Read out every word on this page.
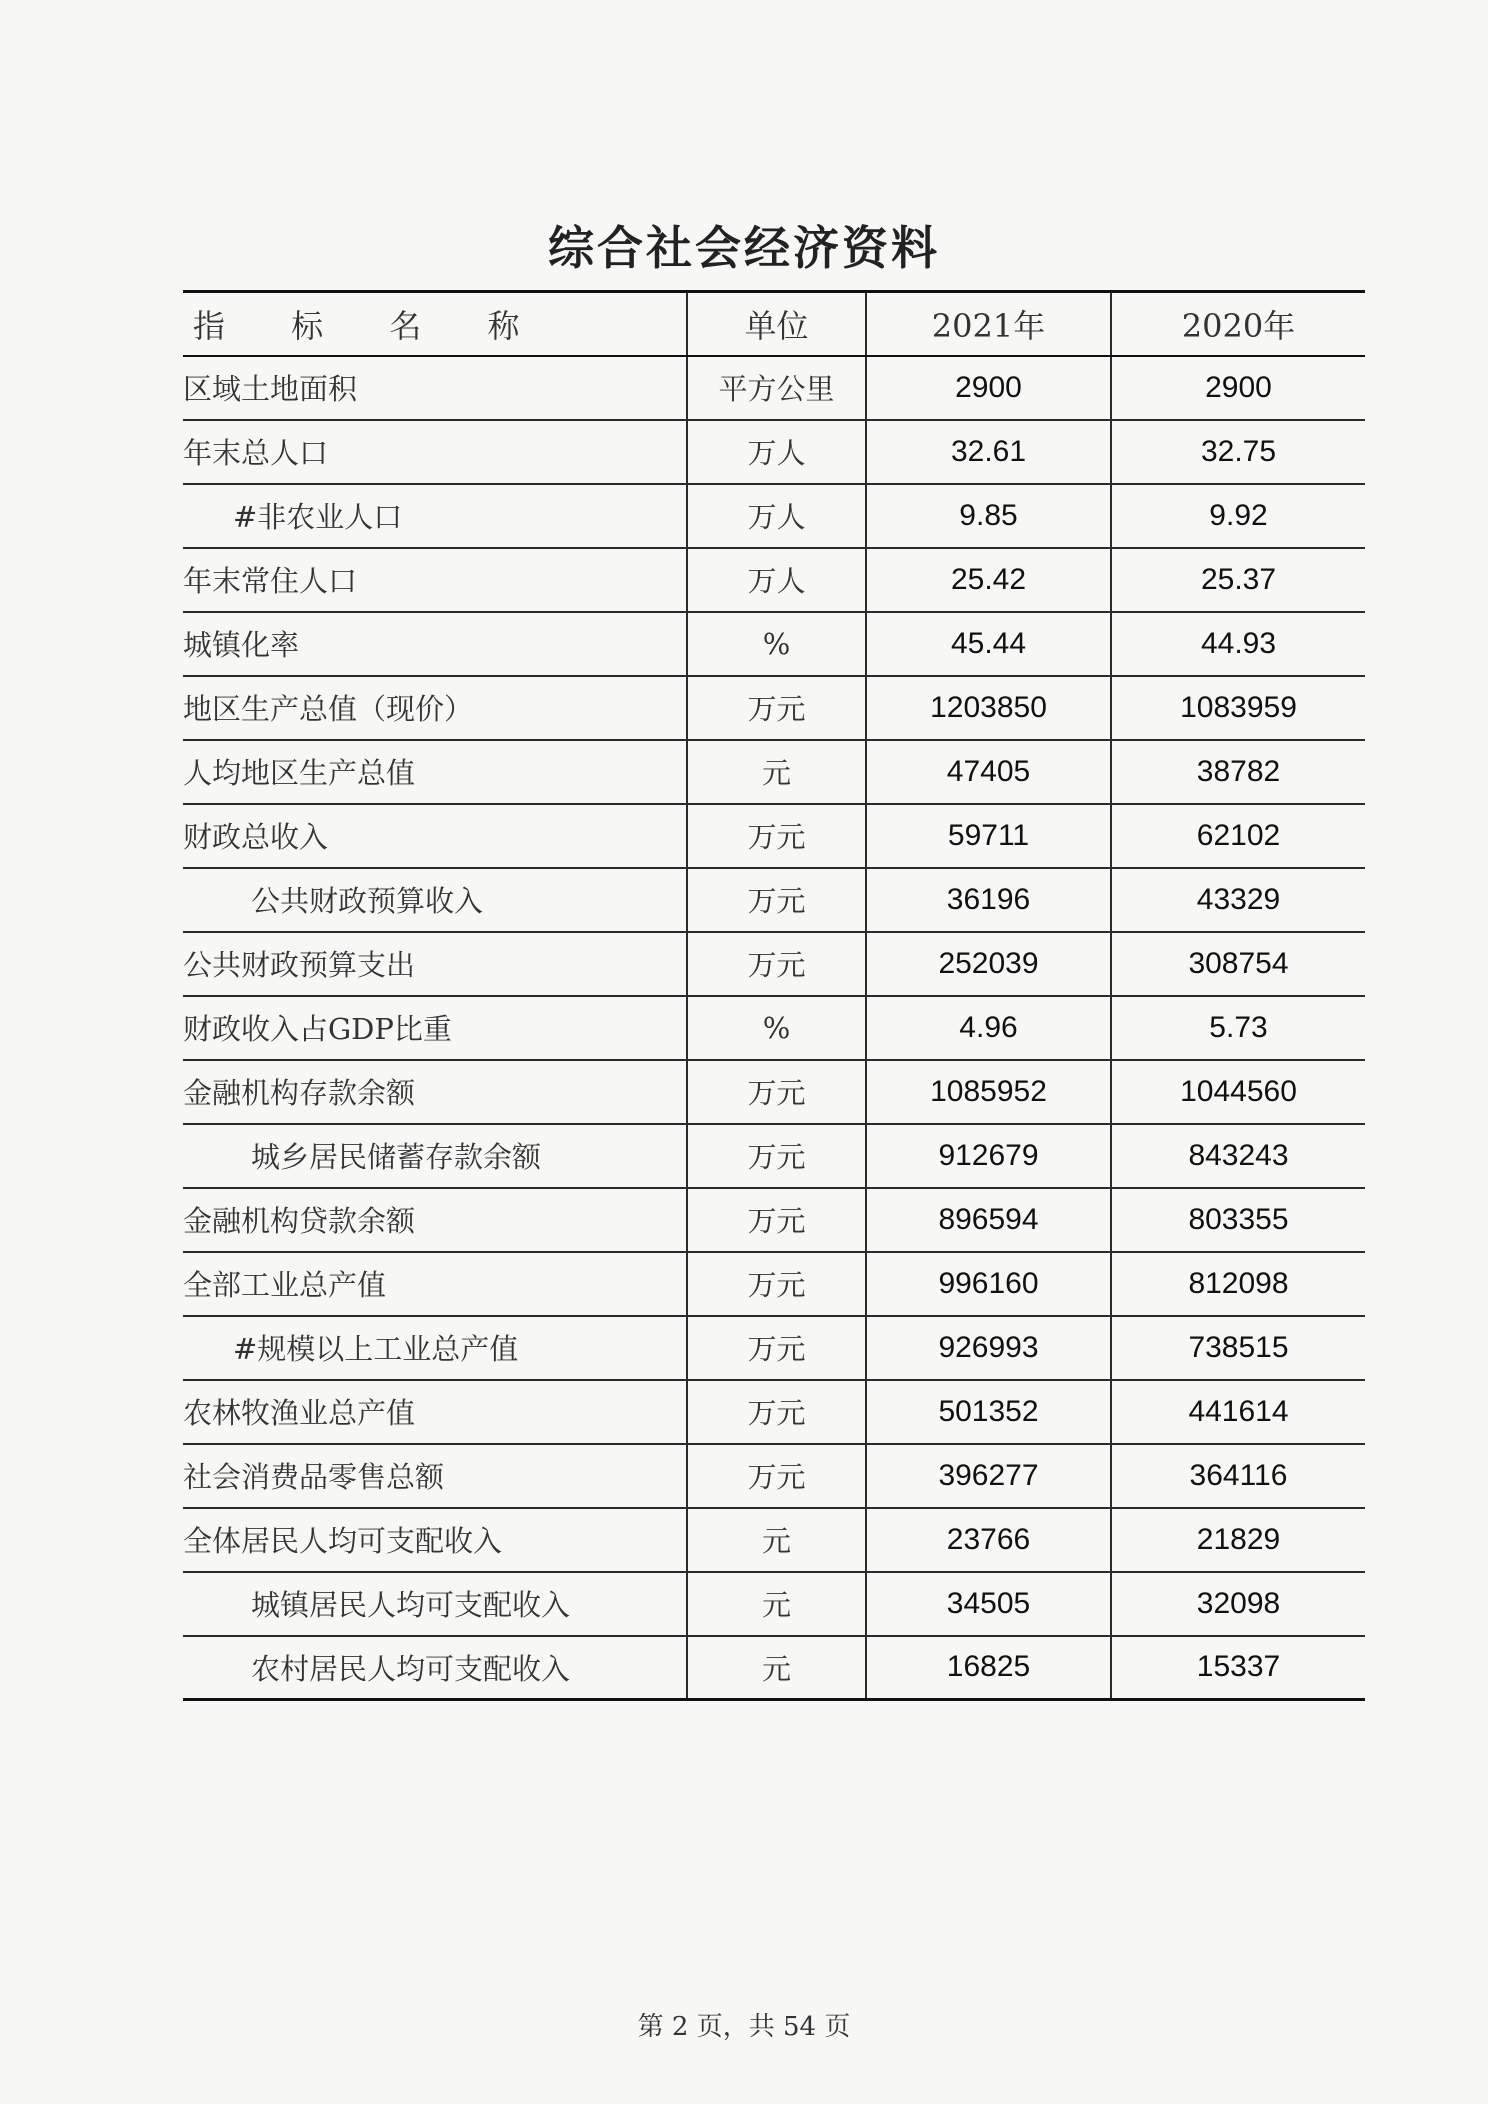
综合社会经济资料
指 标 名 称	单位	2021年	2020年
区域土地面积	平方公里	2900	2900
年末总人口	万人	32.61	32.75
#非农业人口	万人	9.85	9.92
年末常住人口	万人	25.42	25.37
城镇化率	%	45.44	44.93
地区生产总值（现价）	万元	1203850	1083959
人均地区生产总值	元	47405	38782
财政总收入	万元	59711	62102
公共财政预算收入	万元	36196	43329
公共财政预算支出	万元	252039	308754
财政收入占GDP比重	%	4.96	5.73
金融机构存款余额	万元	1085952	1044560
城乡居民储蓄存款余额	万元	912679	843243
金融机构贷款余额	万元	896594	803355
全部工业总产值	万元	996160	812098
#规模以上工业总产值	万元	926993	738515
农林牧渔业总产值	万元	501352	441614
社会消费品零售总额	万元	396277	364116
全体居民人均可支配收入	元	23766	21829
城镇居民人均可支配收入	元	34505	32098
农村居民人均可支配收入	元	16825	15337
第 2 页，共 54 页
